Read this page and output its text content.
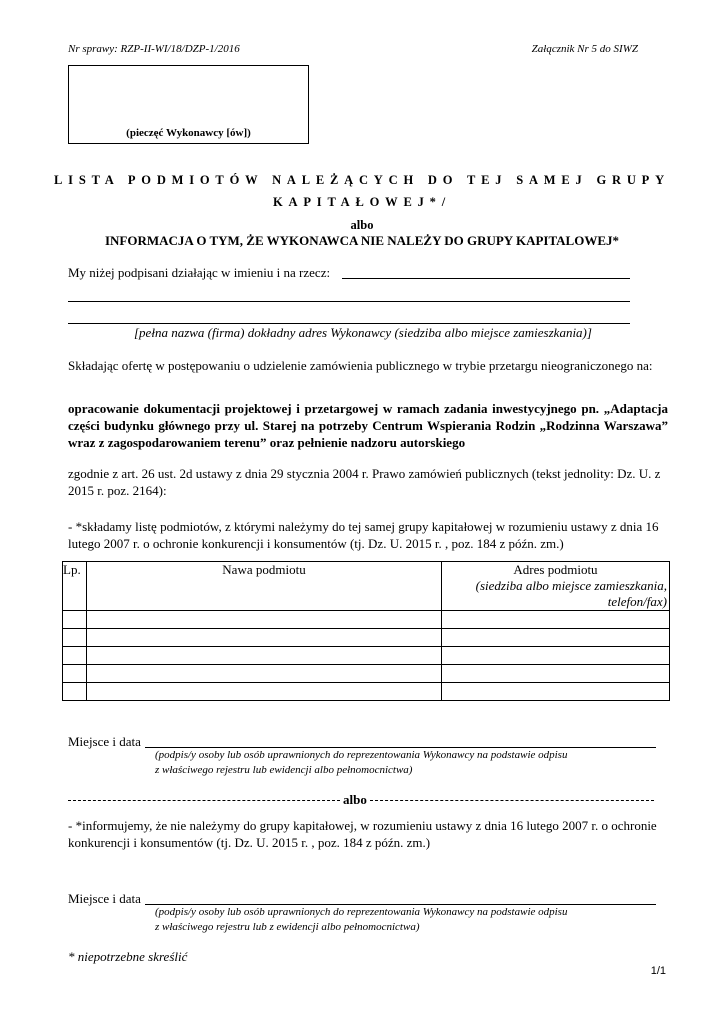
Nr sprawy: RZP-II-WI/18/DZP-1/2016	Załącznik Nr 5 do SIWZ
(pieczęć Wykonawcy [ów])
LISTA PODMIOTÓW NALEŻĄCYCH DO TEJ SAMEJ GRUPY
KAPITAŁOWEJ*/
albo
INFORMACJA O TYM, ŻE WYKONAWCA NIE NALEŻY DO GRUPY KAPITALOWEJ*
My niżej podpisani działając w imieniu i na rzecz:
[pełna nazwa (firma) dokładny adres Wykonawcy (siedziba albo miejsce zamieszkania)]
Składając ofertę w postępowaniu o udzielenie zamówienia publicznego w trybie przetargu nieograniczonego na:
opracowanie dokumentacji projektowej i przetargowej w ramach zadania inwestycyjnego pn. „Adaptacja części budynku głównego przy ul. Starej na potrzeby Centrum Wspierania Rodzin „Rodzinna Warszawa” wraz z zagospodarowaniem terenu” oraz pełnienie nadzoru autorskiego
zgodnie z art. 26 ust. 2d ustawy z dnia 29 stycznia 2004 r. Prawo zamówień publicznych (tekst jednolity: Dz. U. z 2015 r. poz. 2164):
- *składamy listę podmiotów, z którymi należymy do tej samej grupy kapitałowej w rozumieniu ustawy z dnia 16 lutego 2007 r. o ochronie konkurencji i konsumentów (tj. Dz. U. 2015 r. , poz. 184 z późn. zm.)
Lp.	Nawa podmiotu	Adres podmiotu
(siedziba albo miejsce zamieszkania, telefon/fax)

Miejsce i data
(podpis/y osoby lub osób uprawnionych do reprezentowania Wykonawcy na podstawie odpisu
z właściwego rejestru lub ewidencji albo pełnomocnictwa)
albo
- *informujemy, że nie należymy do grupy kapitałowej, w rozumieniu ustawy z dnia 16 lutego 2007 r. o ochronie konkurencji i konsumentów (tj. Dz. U. 2015 r. , poz. 184 z późn. zm.)
Miejsce i data
(podpis/y osoby lub osób uprawnionych do reprezentowania Wykonawcy na podstawie odpisu
z właściwego rejestru lub z ewidencji albo pełnomocnictwa)
* niepotrzebne skreślić
1/1
